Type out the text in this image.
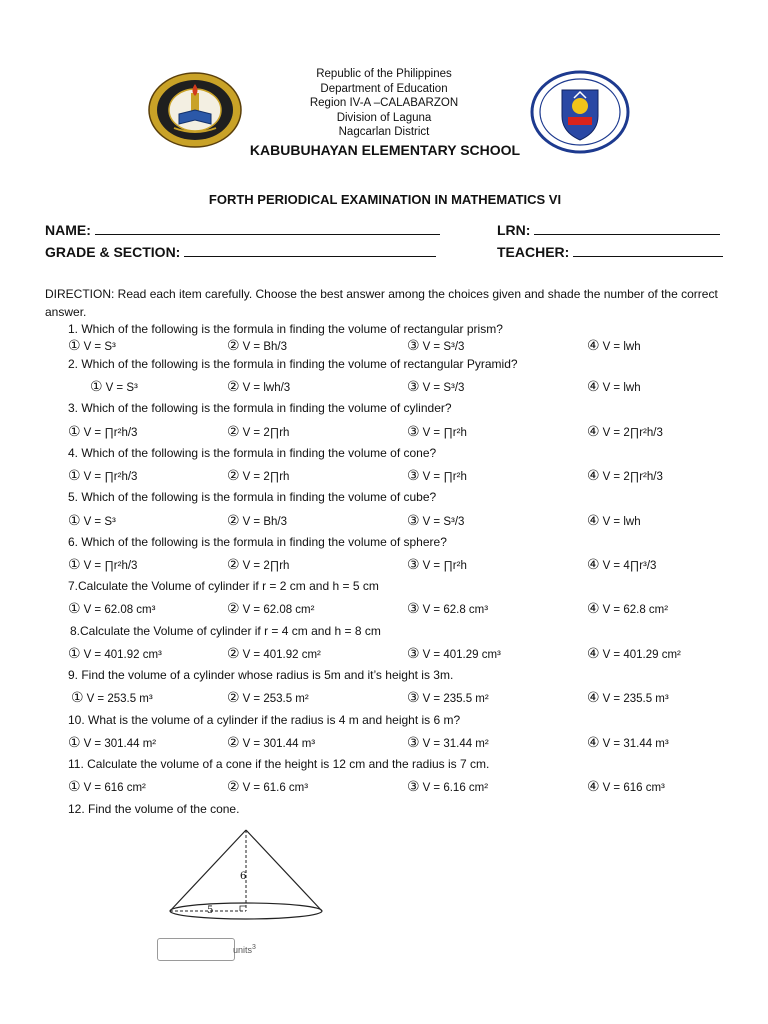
Republic of the Philippines
Department of Education
Region IV-A –CALABARZON
Division of Laguna
Nagcarlan District
KABUBUHAYAN ELEMENTARY SCHOOL
FORTH PERIODICAL EXAMINATION IN MATHEMATICS VI
NAME:	LRN:
GRADE & SECTION:	TEACHER:
DIRECTION: Read each item carefully. Choose the best answer among the choices given and shade the number of the correct answer.
1. Which of the following is the formula in finding the volume of rectangular prism?
① V = S³	② V = Bh/3	③ V = S³/3	④ V = lwh
2. Which of the following is the formula in finding the volume of rectangular Pyramid?
① V = S³	② V = lwh/3	③ V = S³/3	④ V = lwh
3. Which of the following is the formula in finding the volume of cylinder?
① V = ∏r²h/3	② V = 2∏rh	③ V = ∏r²h	④ V = 2∏r²h/3
4. Which of the following is the formula in finding the volume of cone?
① V = ∏r²h/3	② V = 2∏rh	③ V = ∏r²h	④ V = 2∏r²h/3
5. Which of the following is the formula in finding the volume of cube?
① V = S³	② V = Bh/3	③ V = S³/3	④ V = lwh
6. Which of the following is the formula in finding the volume of sphere?
① V = ∏r²h/3	② V = 2∏rh	③ V = ∏r²h	④ V = 4∏r³/3
7.Calculate the Volume of cylinder if r = 2 cm and h = 5 cm
① V = 62.08 cm³	② V = 62.08 cm²	③ V = 62.8 cm³	④ V = 62.8 cm²
8.Calculate the Volume of cylinder if r = 4 cm and h = 8 cm
① V = 401.92 cm³	② V = 401.92 cm²	③ V = 401.29 cm³	④ V = 401.29 cm²
9. Find the volume of a cylinder whose radius is 5m and it’s height is 3m.
① V = 253.5 m³	② V = 253.5 m²	③ V = 235.5 m²	④ V = 235.5 m³
10. What is the volume of a cylinder if the radius is 4 m and height is 6 m?
① V = 301.44 m²	② V = 301.44 m³	③ V = 31.44 m²	④ V = 31.44 m³
11. Calculate the volume of a cone if the height is 12 cm and the radius is 7 cm.
① V = 616 cm²	② V = 61.6 cm³	③ V = 6.16 cm²	④ V = 616 cm³
12. Find the volume of the cone.
6
5
units$^3$
